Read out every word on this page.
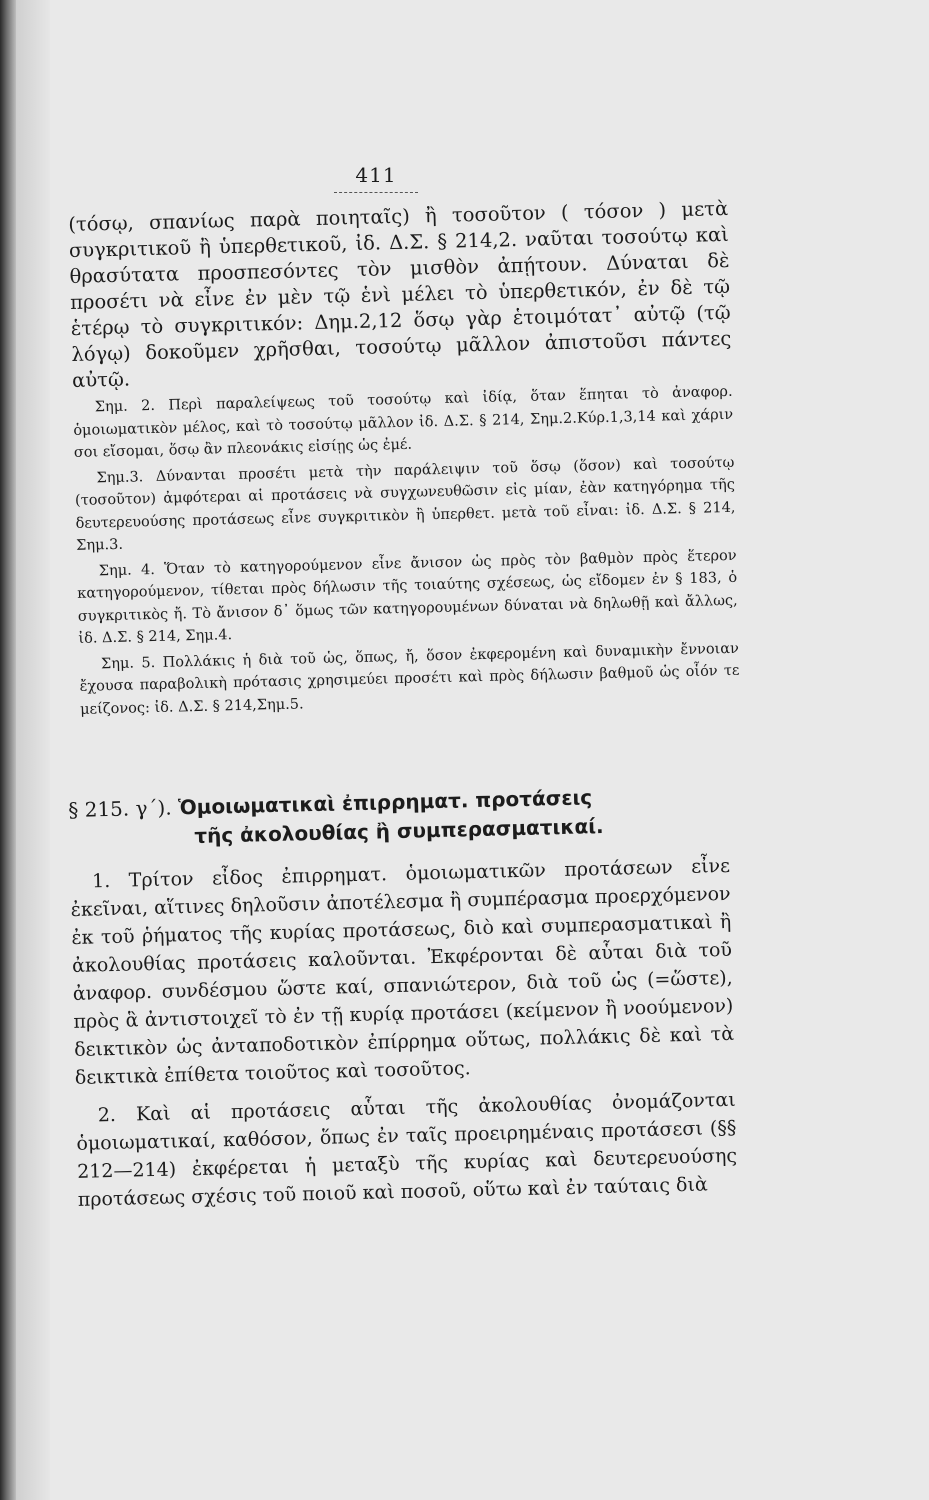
411

(τόσῳ, σπανίως παρὰ ποιηταῖς) ἢ τοσοῦτον ( τόσον ) μετὰ συγκριτικοῦ ἢ ὑπερθετικοῦ, ἰδ. Δ.Σ. § 214,2. ναῦται τοσούτῳ καὶ θρασύτατα προσπεσόντες τὸν μισθὸν ἀπῄτουν. Δύναται δὲ προσέτι νὰ εἶνε ἐν μὲν τῷ ἑνὶ μέλει τὸ ὑπερθετικόν, ἐν δὲ τῷ ἑτέρῳ τὸ συγκριτικόν: Δημ.2,12 ὅσῳ γὰρ ἑτοιμότατ᾽ αὐτῷ (τῷ λόγῳ) δοκοῦμεν χρῆσθαι, τοσούτῳ μᾶλλον ἀπιστοῦσι πάντες αὐτῷ.

Σημ. 2. Περὶ παραλείψεως τοῦ τοσούτῳ καὶ ἰδίᾳ, ὅταν ἕπηται τὸ ἀναφορ. ὁμοιωματικὸν μέλος, καὶ τὸ τοσούτῳ μᾶλλον ἰδ. Δ.Σ. § 214, Σημ.2.Κύρ.1,3,14 καὶ χάριν σοι εἴσομαι, ὅσῳ ἂν πλεονάκις εἰσίῃς ὡς ἐμέ.

Σημ.3. Δύνανται προσέτι μετὰ τὴν παράλειψιν τοῦ ὅσῳ (ὅσον) καὶ τοσούτῳ (τοσοῦτον) ἀμφότεραι αἱ προτάσεις νὰ συγχωνευθῶσιν εἰς μίαν, ἐὰν κατηγόρημα τῆς δευτερευούσης προτάσεως εἶνε συγκριτικὸν ἢ ὑπερθετ. μετὰ τοῦ εἶναι: ἰδ. Δ.Σ. § 214, Σημ.3.

Σημ. 4. Ὅταν τὸ κατηγορούμενον εἶνε ἄνισον ὡς πρὸς τὸν βαθμὸν πρὸς ἕτερον κατηγορούμενον, τίθεται πρὸς δήλωσιν τῆς τοιαύτης σχέσεως, ὡς εἴδομεν ἐν § 183, ὁ συγκριτικὸς ἤ. Τὸ ἄνισον δ᾽ ὅμως τῶν κατηγορουμένων δύναται νὰ δηλωθῇ καὶ ἄλλως, ἰδ. Δ.Σ. § 214, Σημ.4.

Σημ. 5. Πολλάκις ἡ διὰ τοῦ ὡς, ὅπως, ἤ, ὅσον ἐκφερομένη καὶ δυναμικὴν ἔννοιαν ἔχουσα παραβολικὴ πρότασις χρησιμεύει προσέτι καὶ πρὸς δήλωσιν βαθμοῦ ὡς οἷόν τε μείζονος: ἰδ. Δ.Σ. § 214,Σημ.5.

§ 215. γ΄). Ὁμοιωματικαὶ ἐπιρρηματ. προτάσεις
τῆς ἀκολουθίας ἢ συμπερασματικαί.

1. Τρίτον εἶδος ἐπιρρηματ. ὁμοιωματικῶν προτάσεων εἶνε ἐκεῖναι, αἵτινες δηλοῦσιν ἀποτέλεσμα ἢ συμπέρασμα προερχόμενον ἐκ τοῦ ῥήματος τῆς κυρίας προτάσεως, διὸ καὶ συμπερασματικαὶ ἢ ἀκολουθίας προτάσεις καλοῦνται. Ἐκφέρονται δὲ αὗται διὰ τοῦ ἀναφορ. συνδέσμου ὥστε καί, σπανιώτερον, διὰ τοῦ ὡς (=ὥστε), πρὸς ἃ ἀντιστοιχεῖ τὸ ἐν τῇ κυρίᾳ προτάσει (κείμενον ἢ νοούμενον) δεικτικὸν ὡς ἀνταποδοτικὸν ἐπίρρημα οὕτως, πολλάκις δὲ καὶ τὰ δεικτικὰ ἐπίθετα τοιοῦτος καὶ τοσοῦτος.

2. Καὶ αἱ προτάσεις αὗται τῆς ἀκολουθίας ὀνομάζονται ὁμοιωματικαί, καθόσον, ὅπως ἐν ταῖς προειρημέναις προτάσεσι (§§ 212—214) ἐκφέρεται ἡ μεταξὺ τῆς κυρίας καὶ δευτερευούσης προτάσεως σχέσις τοῦ ποιοῦ καὶ ποσοῦ, οὕτω καὶ ἐν ταύταις διὰ
